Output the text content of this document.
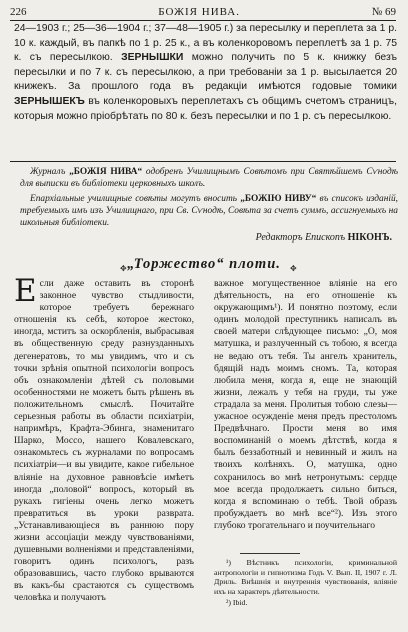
226	БОЖІЯ НИВА.	№ 69

24—1903 г.; 25—36—1904 г.; 37—48—1905 г.) за пересылку и переплета за 1 р. 10 к. каждый, въ папкѣ по 1 р. 25 к., а въ коленкоровомъ переплетѣ за 1 р. 75 к. съ пересылкою. ЗЕРНЫШКИ можно получить по 5 к. книжку безъ пересылки и по 7 к. съ пересылкою, а при требованіи за 1 р. высылается 20 книжекъ. За прошлого года въ редакціи имѣются годовые томики ЗЕРНЫШЕКЪ въ коленкоровыхъ переплетахъ съ общимъ счетомъ страницъ, которыя можно пріобрѣтать по 80 к. безъ пересылки и по 1 р. съ пересылкою.

Журналъ „БОЖІЯ НИВА“ одобренъ Училищнымъ Совѣтомъ при Святѣйшемъ Сѵнодѣ для выписки въ библіотеки церковныхъ школъ.

Епархіальные училищные совѣты могутъ вносить „БОЖІЮ НИВУ“ въ списокъ изданій, требуемыхъ имъ изъ Училищнаго, при Св. Сѵнодѣ, Совѣта за счетъ суммъ, ассигнуемыхъ на школьныя библіотеки.

Редакторъ Епископъ НІКОНЪ.
✥ „Торжество“ плоти.	✥

Е сли даже оставить въ сторонѣ законное чувство стыдливости, которое требуетъ бережнаго отношенія къ себѣ, которое жестоко, иногда, мститъ за оскорбленія, выбрасывая въ общественную среду разнузданныхъ дегенератовъ, то мы увидимъ, что и съ точки зрѣнія опытной психологіи вопросъ объ ознакомленіи дѣтей съ половыми особенностями не можетъ быть рѣшенъ въ положительномъ смыслѣ. Почитайте серьезныя работы въ области психіатріи, напримѣръ, Крафта-Эбинга, знаменитаго Шарко, Моссо, нашего Ковалевскаго, ознакомьтесь съ журналами по вопросамъ психіатріи—и вы увидите, какое гибельное вліяніе на духовное равновѣсіе имѣетъ иногда „половой“ вопросъ, который въ рукахъ гигіены очень легко можетъ превратиться въ уроки разврата. „Устанавливающіеся въ раннюю пору жизни ассоціаціи между чувствованіями, душевными волненіями и представленіями, говоритъ одинъ психологъ, разъ образовавшись, часто глубоко врываются въ какъ-бы срастаются съ существомъ человѣка и получаютъ

важное могущественное вліяніе на его дѣятельность, на его отношеніе къ окружающимъ¹). И понятно поэтому, если одинъ молодой преступникъ написалъ въ своей матери слѣдующее письмо: „О, моя матушка, и разлученный съ тобою, я всегда не ведаю отъ тебя. Ты ангелъ хранитель, бдящій надъ моимъ сномъ. Та, которая любила меня, когда я, еще не знающій жизни, лежалъ у тебя на груди, ты уже страдала за меня. Пролитыя тобою слезы—ужасное осужденіе меня предъ престоломъ Предвѣчнаго. Прости меня во имя воспоминаній о моемъ дѣтствѣ, когда я былъ беззаботный и невинный и жилъ на твоихъ колѣняхъ. О, матушка, одно сохранилось во мнѣ нетронутымъ: сердце мое всегда продолжаетъ сильно биться, когда я вспоминаю о тебѣ. Твой образъ пробуждаетъ во мнѣ все“²). Изъ этого глубоко трогательнаго и поучительнаго

¹) Вѣстникъ психологіи, криминальной антропологіи и гипнотизма Годъ V. Вып. II, 1907 г. Л. Дриль. Внѣшнія и внутреннія чувствованія, вліяніе ихъ на характеръ дѣятельности.

²) Ibid.
